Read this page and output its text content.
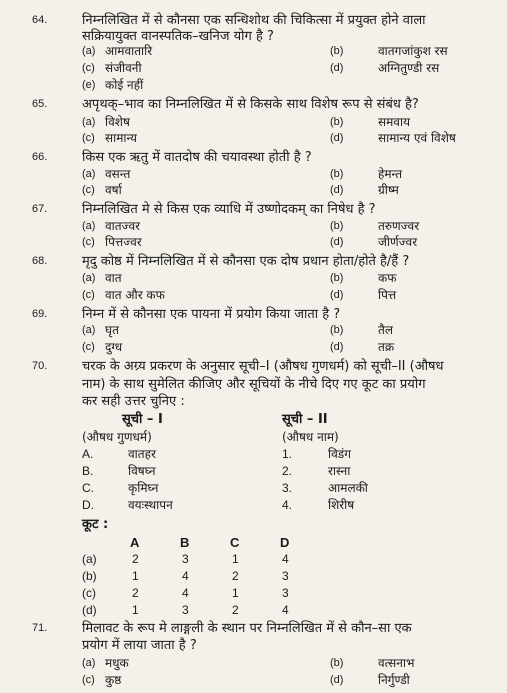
64.	निम्नलिखित में से कौनसा एक सन्धिशोथ की चिकित्सा में प्रयुक्त होने वाला
सक्रियायुक्त वानस्पतिक–खनिज योग है ?
(a) आमवातारि	(b)	वातगजांकुश रस
(c) संजीवनी	(d)	अग्नितुण्डी रस
(e) कोई नहीं
65.	अपृथक्–भाव का निम्नलिखित में से किसके साथ विशेष रूप से संबंध है?
(a) विशेष	(b)	समवाय
(c) सामान्य	(d)	सामान्य एवं विशेष
66.	किस एक ऋतु में वातदोष की चयावस्था होती है ?
(a) वसन्त	(b)	हेमन्त
(c) वर्षा	(d)	ग्रीष्म
67.	निम्नलिखित मे से किस एक व्याधि में उष्णोदकम् का निषेध है ?
(a) वातज्वर	(b)	तरुणज्वर
(c) पित्तज्वर	(d)	जीर्णज्वर
68.	मृदु कोष्ठ में निम्नलिखित में से कौनसा एक दोष प्रधान होता/होते है/हैं ?
(a) वात	(b)	कफ
(c) वात और कफ	(d)	पित्त
69.	निम्न में से कौनसा एक पायना में प्रयोग किया जाता है ?
(a) घृत	(b)	तैल
(c) दुग्ध	(d)	तक्र
70.	चरक के अग्र्य प्रकरण के अनुसार सूची–I (औषध गुणधर्म) को सूची–II (औषध
नाम) के साथ सुमेलित कीजिए और सूचियों के नीचे दिए गए कूट का प्रयोग
कर सही उत्तर चुनिए :
सूची – I	सूची – II
(औषध गुणधर्म)	(औषध नाम)
A.	वातहर	1.	विडंग
B.	विषघ्न	2.	रास्ना
C.	कृमिघ्न	3.	आमलकी
D.	वयःस्थापन	4.	शिरीष
कूट :
A	B	C	D
(a)	2	3	1	4
(b)	1	4	2	3
(c)	2	4	1	3
(d)	1	3	2	4
71.	मिलावट के रूप मे लाङ्गली के स्थान पर निम्नलिखित में से कौन–सा एक
प्रयोग में लाया जाता है ?
(a) मधुक	(b)	वत्सनाभ
(c) कुष्ठ	(d)	निर्गुण्डी
